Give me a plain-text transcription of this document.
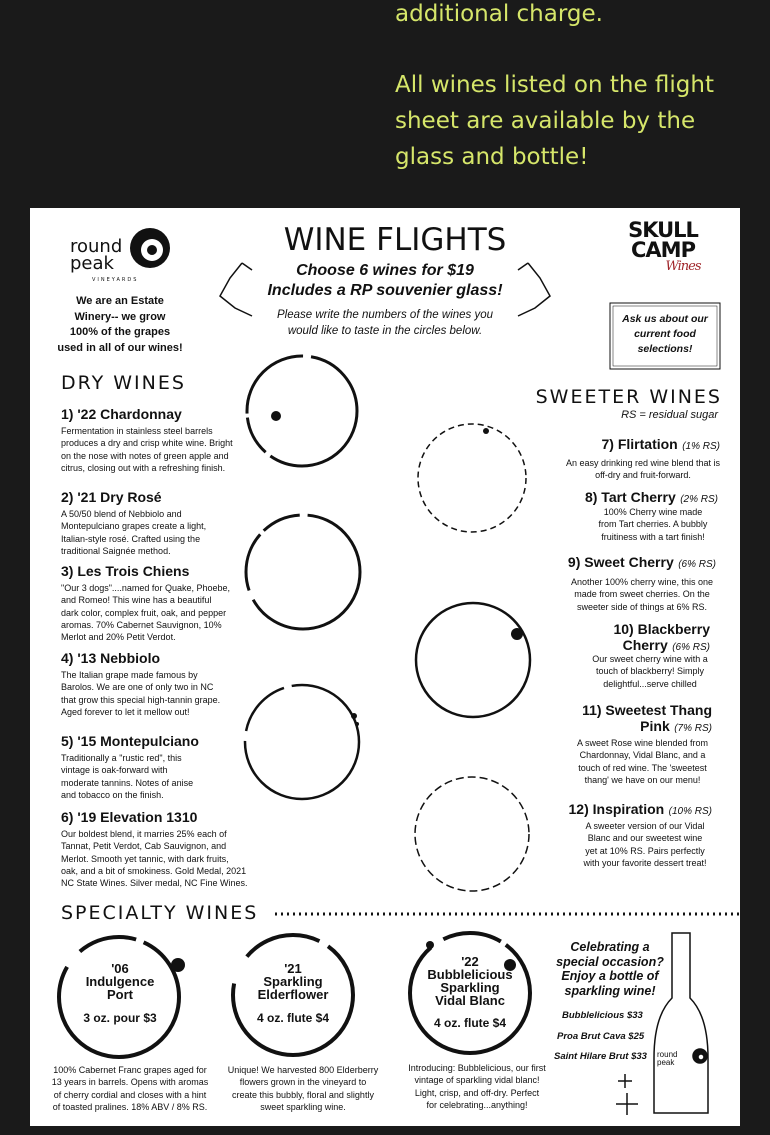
additional charge.
All wines listed on the flight
sheet are available by the
glass and bottle!
round
peak
VINEYARDS
We are an Estate
Winery-- we grow
100% of the grapes
used in all of our wines!
WINE FLIGHTS
Choose 6 wines for $19
Includes a RP souvenier glass!
Please write the numbers of the wines you
would like to taste in the circles below.
SKULL
CAMP
Wines
Ask us about our
current food
selections!
DRY WINES
1) '22 Chardonnay
Fermentation in stainless steel barrels
produces a dry and crisp white wine. Bright
on the nose with notes of green apple and
citrus, closing out with a refreshing finish.
2) '21 Dry Rosé
A 50/50 blend of Nebbiolo and
Montepulciano grapes create a light,
Italian-style rosé. Crafted using the
traditional Saignée method.
3) Les Trois Chiens
"Our 3 dogs"....named for Quake, Phoebe,
and Romeo! This wine has a beautiful
dark color, complex fruit, oak, and pepper
aromas. 70% Cabernet Sauvignon, 10%
Merlot and 20% Petit Verdot.
4) '13 Nebbiolo
The Italian grape made famous by
Barolos. We are one of only two in NC
that grow this special high-tannin grape.
Aged forever to let it mellow out!
5) '15 Montepulciano
Traditionally a "rustic red", this
vintage is oak-forward with
moderate tannins. Notes of anise
and tobacco on the finish.
6) '19 Elevation 1310
Our boldest blend, it marries 25% each of
Tannat, Petit Verdot, Cab Sauvignon, and
Merlot. Smooth yet tannic, with dark fruits,
oak, and a bit of smokiness. Gold Medal, 2021
NC State Wines. Silver medal, NC Fine Wines.
SWEETER WINES
RS = residual sugar
7) Flirtation (1% RS)
An easy drinking red wine blend that is
off-dry and fruit-forward.
8) Tart Cherry (2% RS)
100% Cherry wine made
from Tart cherries. A bubbly
fruitiness with a tart finish!
9) Sweet Cherry (6% RS)
Another 100% cherry wine, this one
made from sweet cherries. On the
sweeter side of things at 6% RS.
10) Blackberry
Cherry (6% RS)
Our sweet cherry wine with a
touch of blackberry! Simply
delightful...serve chilled
11) Sweetest Thang
Pink (7% RS)
A sweet Rose wine blended from
Chardonnay, Vidal Blanc, and a
touch of red wine. The 'sweetest
thang' we have on our menu!
12) Inspiration (10% RS)
A sweeter version of our Vidal
Blanc and our sweetest wine
yet at 10% RS. Pairs perfectly
with your favorite dessert treat!
SPECIALTY WINES
'06
Indulgence
Port
3 oz. pour $3
'21
Sparkling
Elderflower
4 oz. flute $4
'22
Bubblelicious
Sparkling
Vidal Blanc
4 oz. flute $4
100% Cabernet Franc grapes aged for
13 years in barrels. Opens with aromas
of cherry cordial and closes with a hint
of toasted pralines. 18% ABV / 8% RS.
Unique! We harvested 800 Elderberry
flowers grown in the vineyard to
create this bubbly, floral and slightly
sweet sparkling wine.
Introducing: Bubblelicious, our first
vintage of sparkling vidal blanc!
Light, crisp, and off-dry. Perfect
for celebrating...anything!
Celebrating a
special occasion?
Enjoy a bottle of
sparkling wine!
Bubblelicious $33
Proa Brut Cava $25
Saint Hilare Brut $33 round
peak
